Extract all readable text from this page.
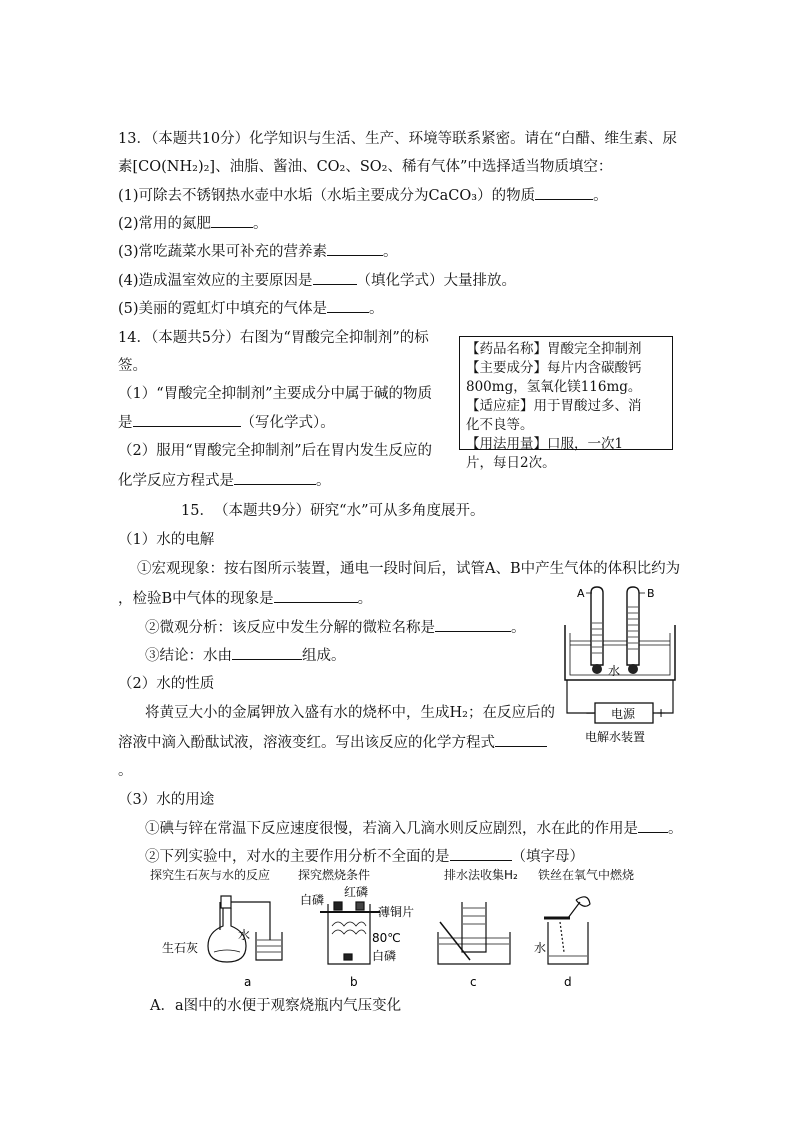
13．（本题共10分）化学知识与生活、生产、环境等联系紧密。请在“白醋、维生素、尿
素[CO(NH₂)₂]、油脂、酱油、CO₂、SO₂、稀有气体”中选择适当物质填空：
(1)可除去不锈钢热水壶中水垢（水垢主要成分为CaCO₃）的物质	。
(2)常用的氮肥	。
(3)常吃蔬菜水果可补充的营养素	。
(4)造成温室效应的主要原因是	（填化学式）大量排放。
(5)美丽的霓虹灯中填充的气体是	。
14．（本题共5分）右图为“胃酸完全抑制剂”的标
签。
（1）“胃酸完全抑制剂”主要成分中属于碱的物质
是	（写化学式）。
（2）服用“胃酸完全抑制剂”后在胃内发生反应的
化学反应方程式是	。
【药品名称】胃酸完全抑制剂
【主要成分】每片内含碳酸钙
800mg，氢氧化镁116mg。
【适应症】用于胃酸过多、消
化不良等。
【用法用量】口服，一次1
片，每日2次。
15．　（本题共9分）研究“水”可从多角度展开。
（1）水的电解
①宏观现象：按右图所示装置，通电一段时间后，试管A、B中产生气体的体积比约为
，检验B中气体的现象是	。
②微观分析：该反应中发生分解的微粒名称是	。
③结论：水由	组成。
（2）水的性质
将黄豆大小的金属钾放入盛有水的烧杯中，生成H₂；在反应后的
溶液中滴入酚酞试液，溶液变红。写出该反应的化学方程式
。
（3）水的用途
①碘与锌在常温下反应速度很慢，若滴入几滴水则反应剧烈，水在此的作用是 。
②下列实验中，对水的主要作用分析不全面的是	（填字母）
A．a图中的水便于观察烧瓶内气压变化
A	B
水
− 电源 +
电解水装置
探究生石灰与水的反应 探究燃烧条件	排水法收集H₂ 铁丝在氧气中燃烧
生石灰
水
a
白磷
红磷
薄铜片
80℃
白磷
b	c
水
d
